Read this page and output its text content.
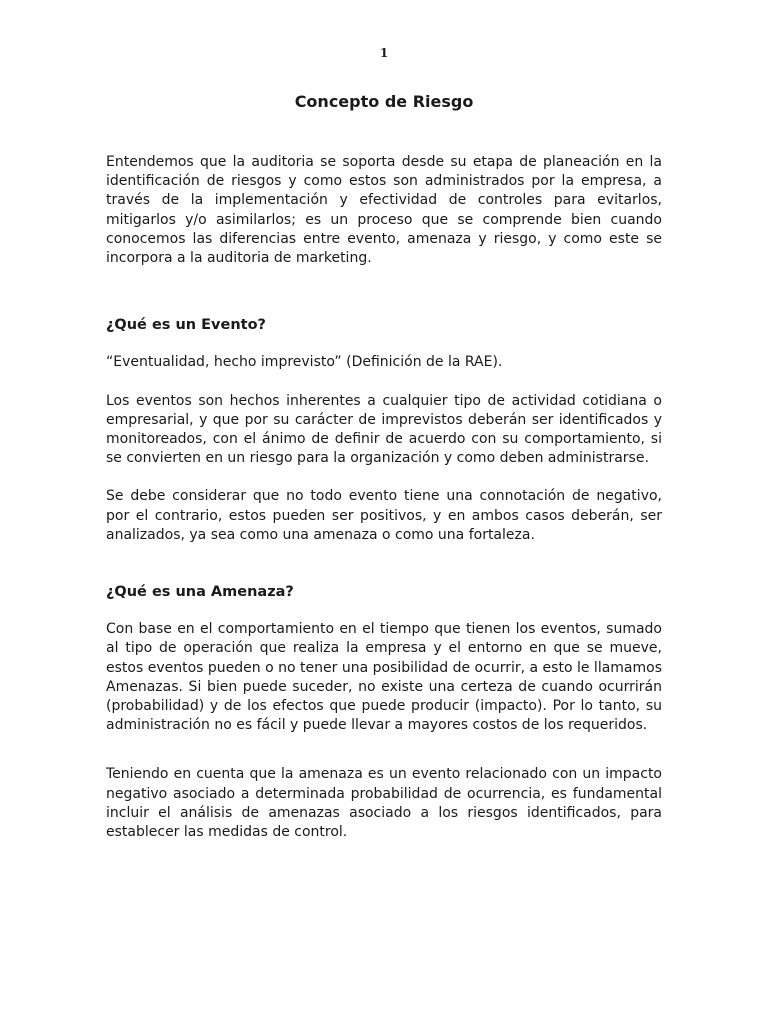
1
Concepto de Riesgo

Entendemos que la auditoria se soporta desde su etapa de planeación en la identificación de riesgos y como estos son administrados por la empresa, a través de la implementación y efectividad de controles para evitarlos, mitigarlos y/o asimilarlos; es un proceso que se comprende bien cuando conocemos las diferencias entre evento, amenaza y riesgo, y como este se incorpora a la auditoria de marketing.

¿Qué es un Evento?

“Eventualidad, hecho imprevisto” (Definición de la RAE).

Los eventos son hechos inherentes a cualquier tipo de actividad cotidiana o empresarial, y que por su carácter de imprevistos deberán ser identificados y monitoreados, con el ánimo de definir de acuerdo con su comportamiento, si se convierten en un riesgo para la organización y como deben administrarse.

Se debe considerar que no todo evento tiene una connotación de negativo, por el contrario, estos pueden ser positivos, y en ambos casos deberán, ser analizados, ya sea como una amenaza o como una fortaleza.

¿Qué es una Amenaza?

Con base en el comportamiento en el tiempo que tienen los eventos, sumado al tipo de operación que realiza la empresa y el entorno en que se mueve, estos eventos pueden o no tener una posibilidad de ocurrir, a esto le llamamos Amenazas. Si bien puede suceder, no existe una certeza de cuando ocurrirán (probabilidad) y de los efectos que puede producir (impacto). Por lo tanto, su administración no es fácil y puede llevar a mayores costos de los requeridos.

Teniendo en cuenta que la amenaza es un evento relacionado con un impacto negativo asociado a determinada probabilidad de ocurrencia, es fundamental incluir el análisis de amenazas asociado a los riesgos identificados, para establecer las medidas de control.
